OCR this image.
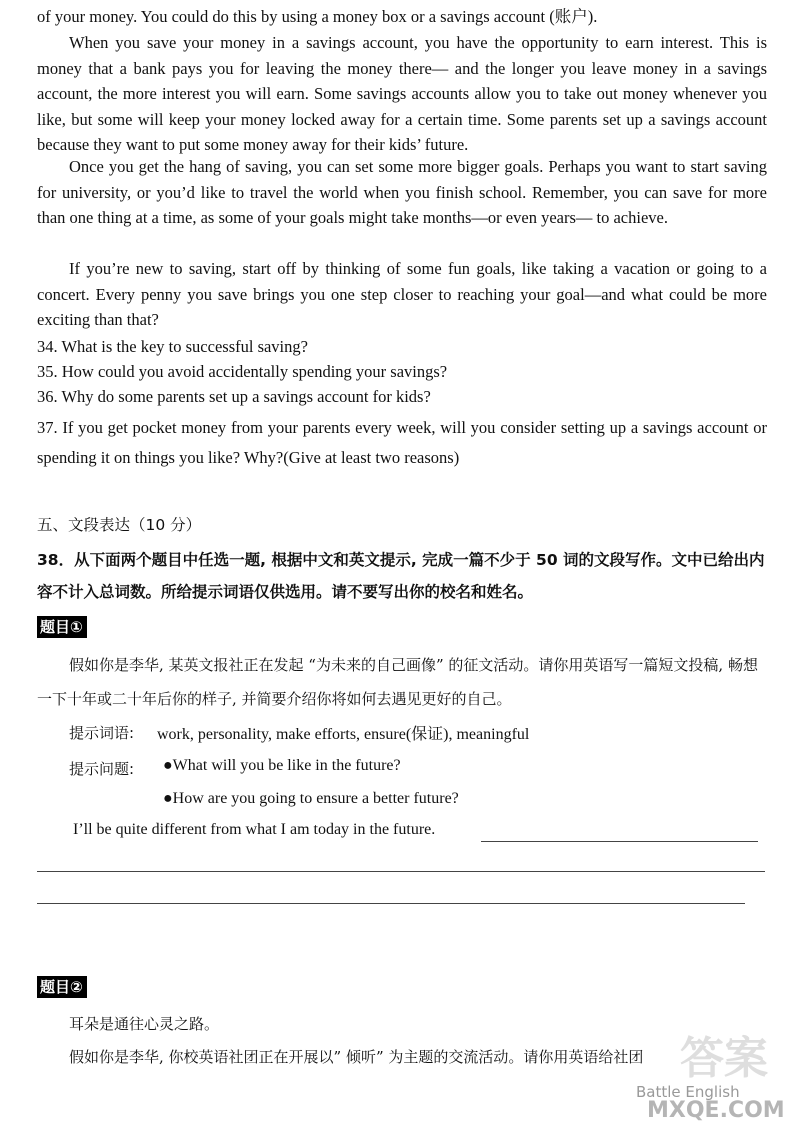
of your money. You could do this by using a money box or a savings account (账户).

When you save your money in a savings account, you have the opportunity to earn interest. This is money that a bank pays you for leaving the money there— and the longer you leave money in a savings account, the more interest you will earn. Some savings accounts allow you to take out money whenever you like, but some will keep your money locked away for a certain time. Some parents set up a savings account because they want to put some money away for their kids’ future.

Once you get the hang of saving, you can set some more bigger goals. Perhaps you want to start saving for university, or you’d like to travel the world when you finish school. Remember, you can save for more than one thing at a time, as some of your goals might take months—or even years— to achieve.

If you’re new to saving, start off by thinking of some fun goals, like taking a vacation or going to a concert. Every penny you save brings you one step closer to reaching your goal—and what could be more exciting than that?

34. What is the key to successful saving?

35. How could you avoid accidentally spending your savings?

36. Why do some parents set up a savings account for kids?

37. If you get pocket money from your parents every week, will you consider setting up a savings account or spending it on things you like? Why?(Give at least two reasons)

五、文段表达（10 分）

38．从下面两个题目中任选一题, 根据中文和英文提示, 完成一篇不少于 50 词的文段写作。文中已给出内容不计入总词数。所给提示词语仅供选用。请不要写出你的校名和姓名。

题目①

假如你是李华, 某英文报社正在发起 “为未来的自己画像” 的征文活动。请你用英语写一篇短文投稿, 畅想一下十年或二十年后你的样子, 并简要介绍你将如何去遇见更好的自己。

提示词语: work, personality, make efforts, ensure(保证), meaningful
提示问题: ●What will you be like in the future?
●How are you going to ensure a better future?
I’ll be quite different from what I am today in the future.
题目②

耳朵是通往心灵之路。

假如你是李华, 你校英语社团正在开展以” 倾听” 为主题的交流活动。请你用英语给社团 答案
Battle English
MXQE.COM
